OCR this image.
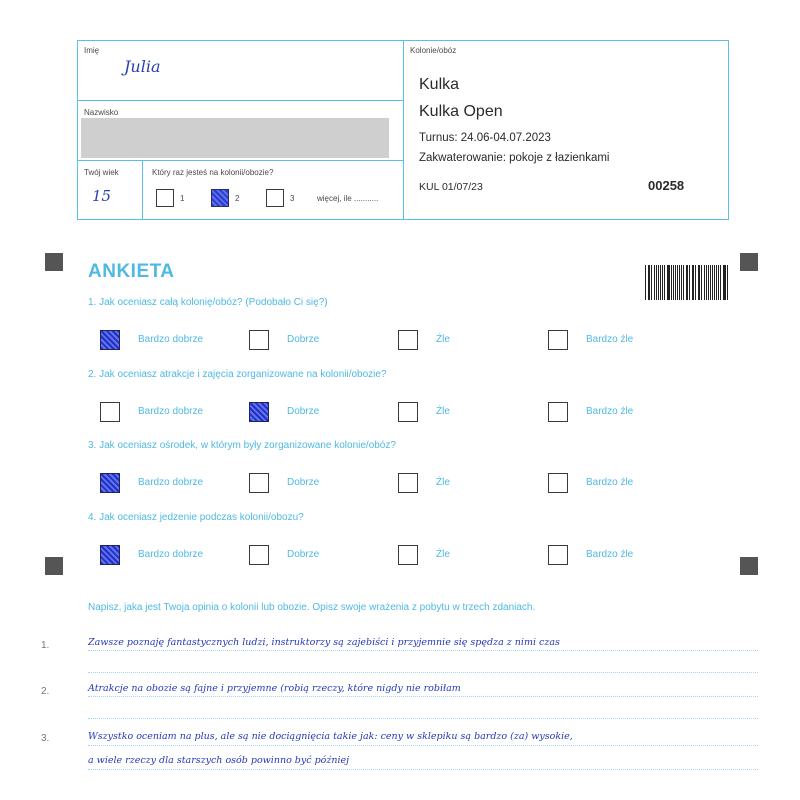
Imię
Julia
Nazwisko
Twój wiek
15
Który raz jesteś na kolonii/obozie?
1	2	3	więcej, ile ...........
Kolonie/obóz
Kulka
Kulka Open
Turnus: 24.06-04.07.2023
Zakwaterowanie: pokoje z łazienkami
KUL 01/07/23	00258
ANKIETA
1. Jak oceniasz całą kolonię/obóz? (Podobało Ci się?)
Bardzo dobrze	Dobrze	Źle	Bardzo źle
2. Jak oceniasz atrakcje i zajęcia zorganizowane na kolonii/obozie?
Bardzo dobrze	Dobrze	Źle	Bardzo źle
3. Jak oceniasz ośrodek, w którym były zorganizowane kolonie/obóz?
Bardzo dobrze	Dobrze	Źle	Bardzo źle
4. Jak oceniasz jedzenie podczas kolonii/obozu?
Bardzo dobrze	Dobrze	Źle	Bardzo źle
Napisz, jaka jest Twoja opinia o kolonii lub obozie. Opisz swoje wrażenia z pobytu w trzech zdaniach.
1.
2.
3.
Zawsze poznaję fantastycznych ludzi, instruktorzy są zajebiści i przyjemnie się spędza z nimi czas
Atrakcje na obozie są fajne i przyjemne (robią rzeczy, które nigdy nie robiłam
Wszystko oceniam na plus, ale są nie dociągnięcia takie jak: ceny w sklepiku są bardzo (za) wysokie,
a wiele rzeczy dla starszych osób powinno być później
